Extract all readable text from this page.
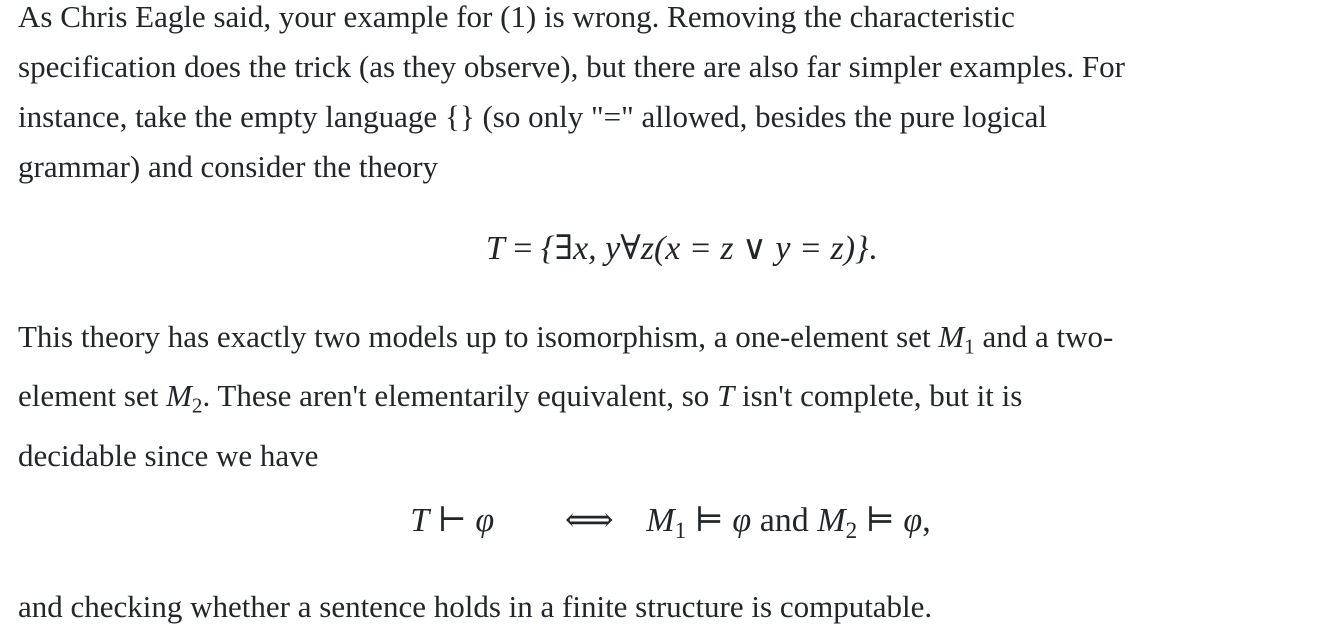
As Chris Eagle said, your example for (1) is wrong. Removing the characteristic

specification does the trick (as they observe), but there are also far simpler examples. For

instance, take the empty language {} (so only "=" allowed, besides the pure logical

grammar) and consider the theory

This theory has exactly two models up to isomorphism, a one-element set $M_1$ and a two-

element set $M_2$. These aren't elementarily equivalent, so T isn't complete, but it is

decidable since we have

and checking whether a sentence holds in a finite structure is computable.

T = {∃x, y∀z(x = z ∨ y = z)}.
T ⊢ φ ⟺ $M_1$ ⊨ φ and $M_2$ ⊨ φ,
